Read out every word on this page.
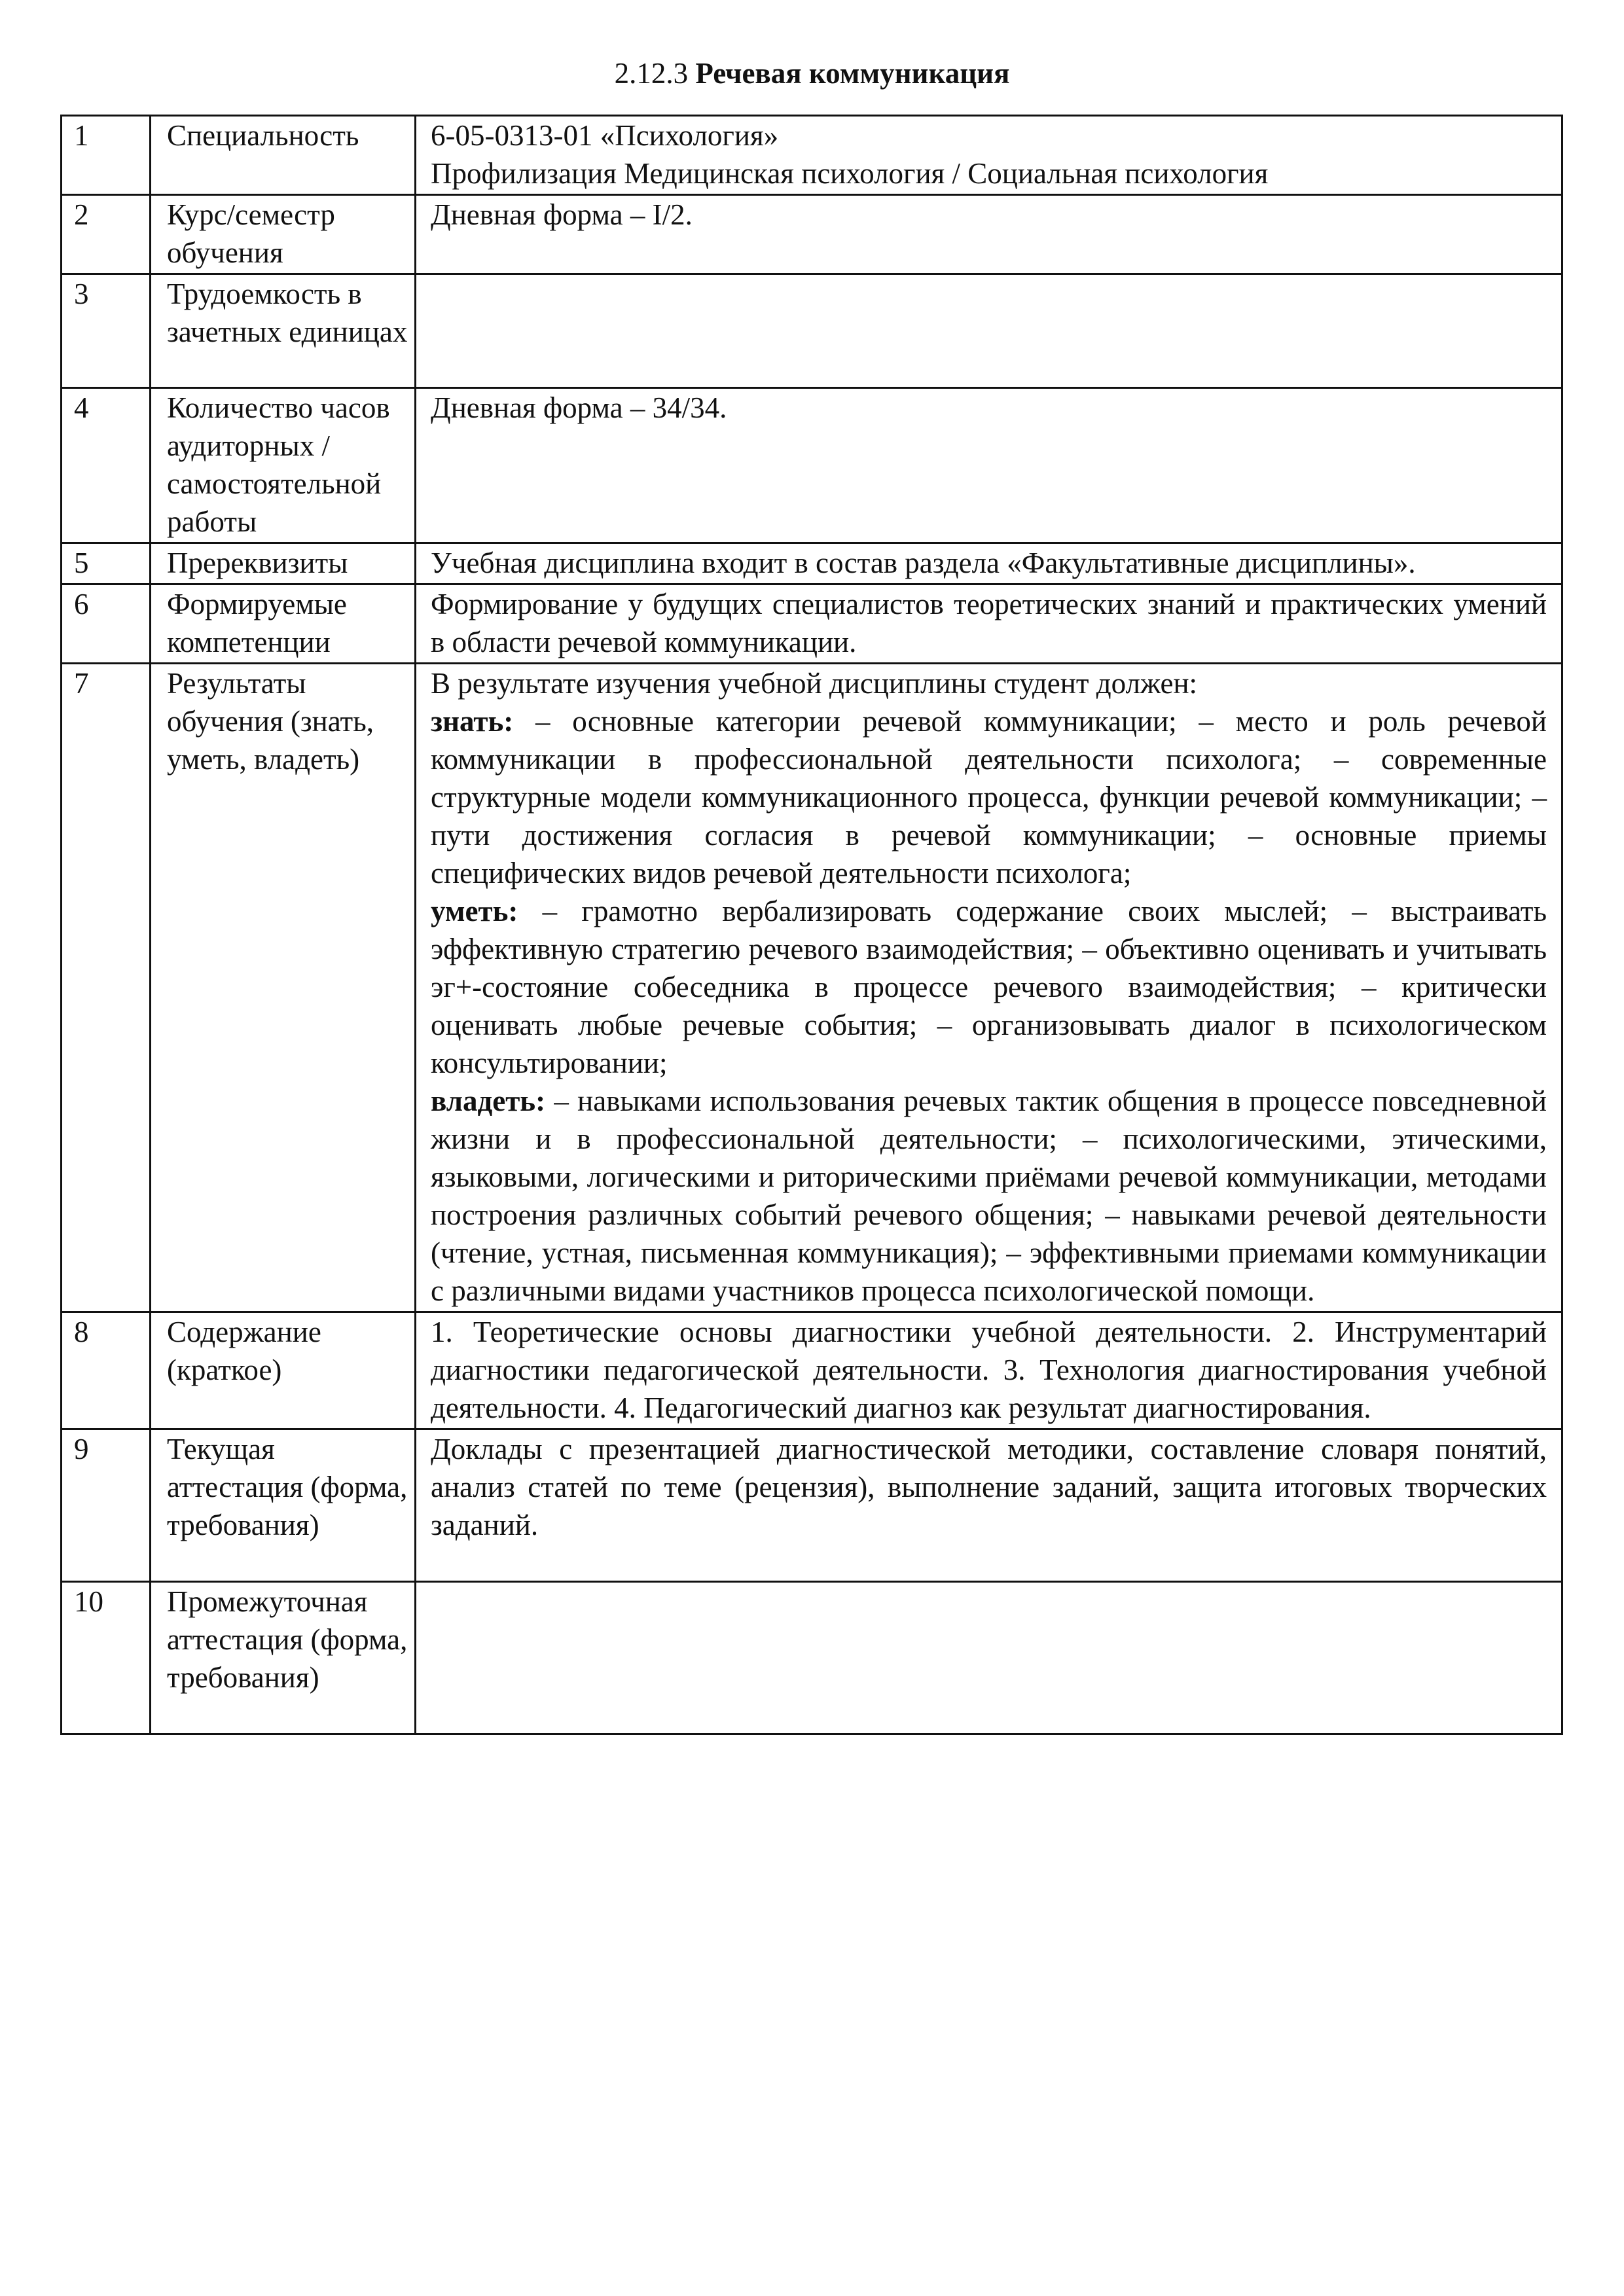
2.12.3 Речевая коммуникация
1	Специальность	6-05-0313-01 «Психология»
Профилизация Медицинская психология / Социальная психология

2	Курс/семестр обучения	Дневная форма – I/2.
3	Трудоемкость в зачетных единицах	
4	Количество часов аудиторных / самостоятельной работы	Дневная форма – 34/34.
5	Пререквизиты	Учебная дисциплина входит в состав раздела «Факультативные дисциплины».
6	Формируемые компетенции	Формирование у будущих специалистов теоретических знаний и практических умений в области речевой коммуникации.
7	Результаты обучения (знать, уметь, владеть)	В результате изучения учебной дисциплины студент должен:
знать: – основные категории речевой коммуникации; – место и роль речевой коммуникации в профессиональной деятельности психолога; – современные структурные модели коммуникационного процесса, функции речевой коммуникации; – пути достижения согласия в речевой коммуникации; – основные приемы специфических видов речевой деятельности психолога;
уметь: – грамотно вербализировать содержание своих мыслей; – выстраивать эффективную стратегию речевого взаимодействия; – объективно оценивать и учитывать эг+-состояние собеседника в процессе речевого взаимодействия; – критически оценивать любые речевые события; – организовывать диалог в психологическом консультировании;
владеть: – навыками использования речевых тактик общения в процессе повседневной жизни и в профессиональной деятельности; – психологическими, этическими, языковыми, логическими и риторическими приёмами речевой коммуникации, методами построения различных событий речевого общения; – навыками речевой деятельности (чтение, устная, письменная коммуникация); – эффективными приемами коммуникации с различными видами участников процесса психологической помощи.

8	Содержание (краткое)	1. Теоретические основы диагностики учебной деятельности. 2. Инструментарий диагностики педагогической деятельности. 3. Технология диагностирования учебной деятельности. 4. Педагогический диагноз как результат диагностирования.
9	Текущая аттестация (форма, требования)	Доклады с презентацией диагностической методики, составление словаря понятий, анализ статей по теме (рецензия), выполнение заданий, защита итоговых творческих заданий.
10	Промежуточная аттестация (форма, требования)	
